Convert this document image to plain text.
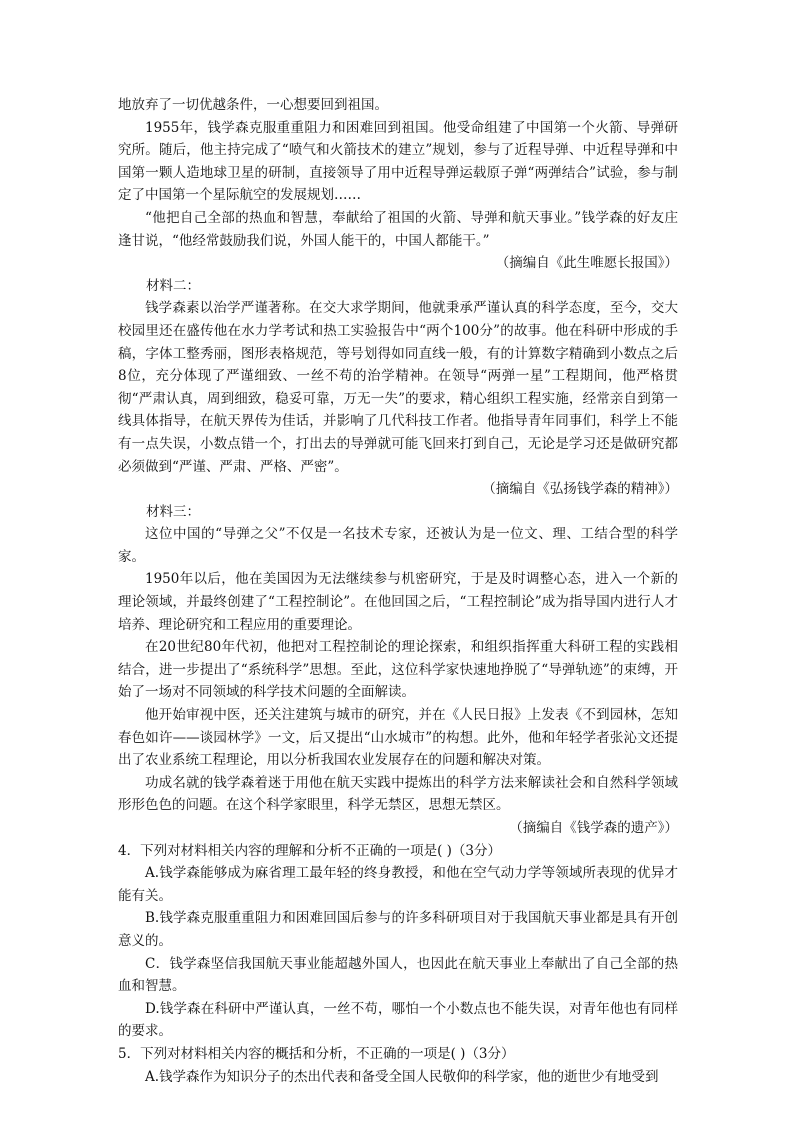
地放弃了一切优越条件，一心想要回到祖国。

1955年，钱学森克服重重阻力和困难回到祖国。他受命组建了中国第一个火箭、导弹研究所。随后，他主持完成了“喷气和火箭技术的建立”规划，参与了近程导弹、中近程导弹和中国第一颗人造地球卫星的研制，直接领导了用中近程导弹运载原子弹“两弹结合”试验，参与制定了中国第一个星际航空的发展规划……

“他把自己全部的热血和智慧，奉献给了祖国的火箭、导弹和航天事业。”钱学森的好友庄逢甘说，“他经常鼓励我们说，外国人能干的，中国人都能干。”

（摘编自《此生唯愿长报国》）

材料二：

钱学森素以治学严谨著称。在交大求学期间，他就秉承严谨认真的科学态度，至今，交大校园里还在盛传他在水力学考试和热工实验报告中“两个100分”的故事。他在科研中形成的手稿，字体工整秀丽，图形表格规范，等号划得如同直线一般，有的计算数字精确到小数点之后8位，充分体现了严谨细致、一丝不苟的治学精神。在领导“两弹一星”工程期间，他严格贯彻“严肃认真，周到细致，稳妥可靠，万无一失”的要求，精心组织工程实施，经常亲自到第一线具体指导，在航天界传为佳话，并影响了几代科技工作者。他指导青年同事们，科学上不能有一点失误，小数点错一个，打出去的导弹就可能飞回来打到自己，无论是学习还是做研究都必须做到“严谨、严肃、严格、严密”。

（摘编自《弘扬钱学森的精神》）

材料三：

这位中国的“导弹之父”不仅是一名技术专家，还被认为是一位文、理、工结合型的科学家。

1950年以后，他在美国因为无法继续参与机密研究，于是及时调整心态，进入一个新的理论领域，并最终创建了“工程控制论”。在他回国之后，“工程控制论”成为指导国内进行人才培养、理论研究和工程应用的重要理论。

在20世纪80年代初，他把对工程控制论的理论探索，和组织指挥重大科研工程的实践相结合，进一步提出了“系统科学”思想。至此，这位科学家快速地挣脱了“导弹轨迹”的束缚，开始了一场对不同领域的科学技术问题的全面解读。

他开始审视中医，还关注建筑与城市的研究，并在《人民日报》上发表《不到园林，怎知春色如许——谈园林学》一文，后又提出“山水城市”的构想。此外，他和年轻学者张沁文还提出了农业系统工程理论，用以分析我国农业发展存在的问题和解决对策。

功成名就的钱学森着迷于用他在航天实践中提炼出的科学方法来解读社会和自然科学领域形形色色的问题。在这个科学家眼里，科学无禁区，思想无禁区。

（摘编自《钱学森的遗产》）

4．下列对材料相关内容的理解和分析不正确的一项是( )（3分）

A.钱学森能够成为麻省理工最年轻的终身教授，和他在空气动力学等领域所表现的优异才能有关。

B.钱学森克服重重阻力和困难回国后参与的许多科研项目对于我国航天事业都是具有开创意义的。

C．钱学森坚信我国航天事业能超越外国人，也因此在航天事业上奉献出了自己全部的热血和智慧。

D.钱学森在科研中严谨认真，一丝不苟，哪怕一个小数点也不能失误，对青年他也有同样的要求。

5．下列对材料相关内容的概括和分析，不正确的一项是( )（3分）

A.钱学森作为知识分子的杰出代表和备受全国人民敬仰的科学家，他的逝世少有地受到
